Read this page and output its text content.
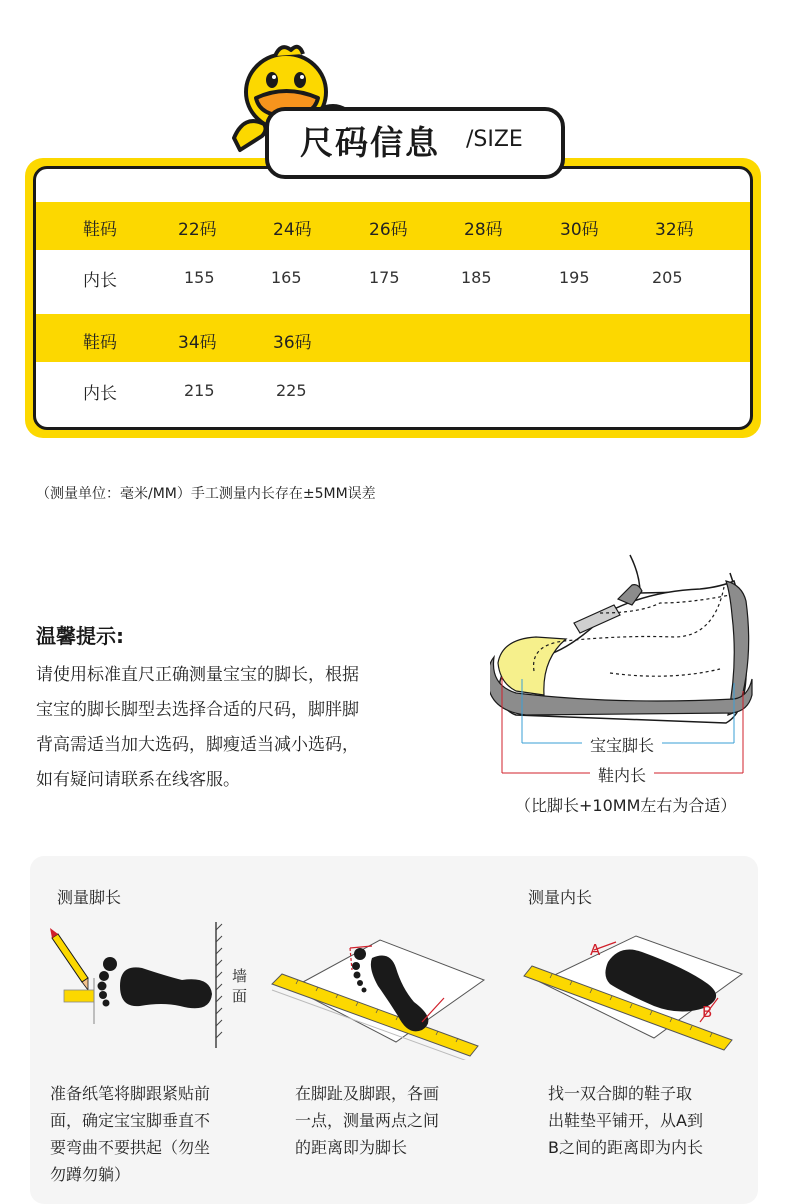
鞋码	22码	24码	26码	28码	30码	32码
内长	155	165	175	185	195	205
鞋码	34码	36码
内长	215	225
尺码信息 /SIZE
（测量单位：毫米/MM）手工测量内长存在±5MM误差
温馨提示:
请使用标准直尺正确测量宝宝的脚长，根据
宝宝的脚长脚型去选择合适的尺码，脚胖脚
背高需适当加大选码，脚瘦适当减小选码，
如有疑问请联系在线客服。
宝宝脚长
鞋内长
（比脚长+10MM左右为合适）
测量脚长	测量内长
墙面
A
B
准备纸笔将脚跟紧贴前
面，确定宝宝脚垂直不
要弯曲不要拱起（勿坐
勿蹲勿躺）
在脚趾及脚跟，各画
一点，测量两点之间
的距离即为脚长
找一双合脚的鞋子取
出鞋垫平铺开，从A到
B之间的距离即为内长
